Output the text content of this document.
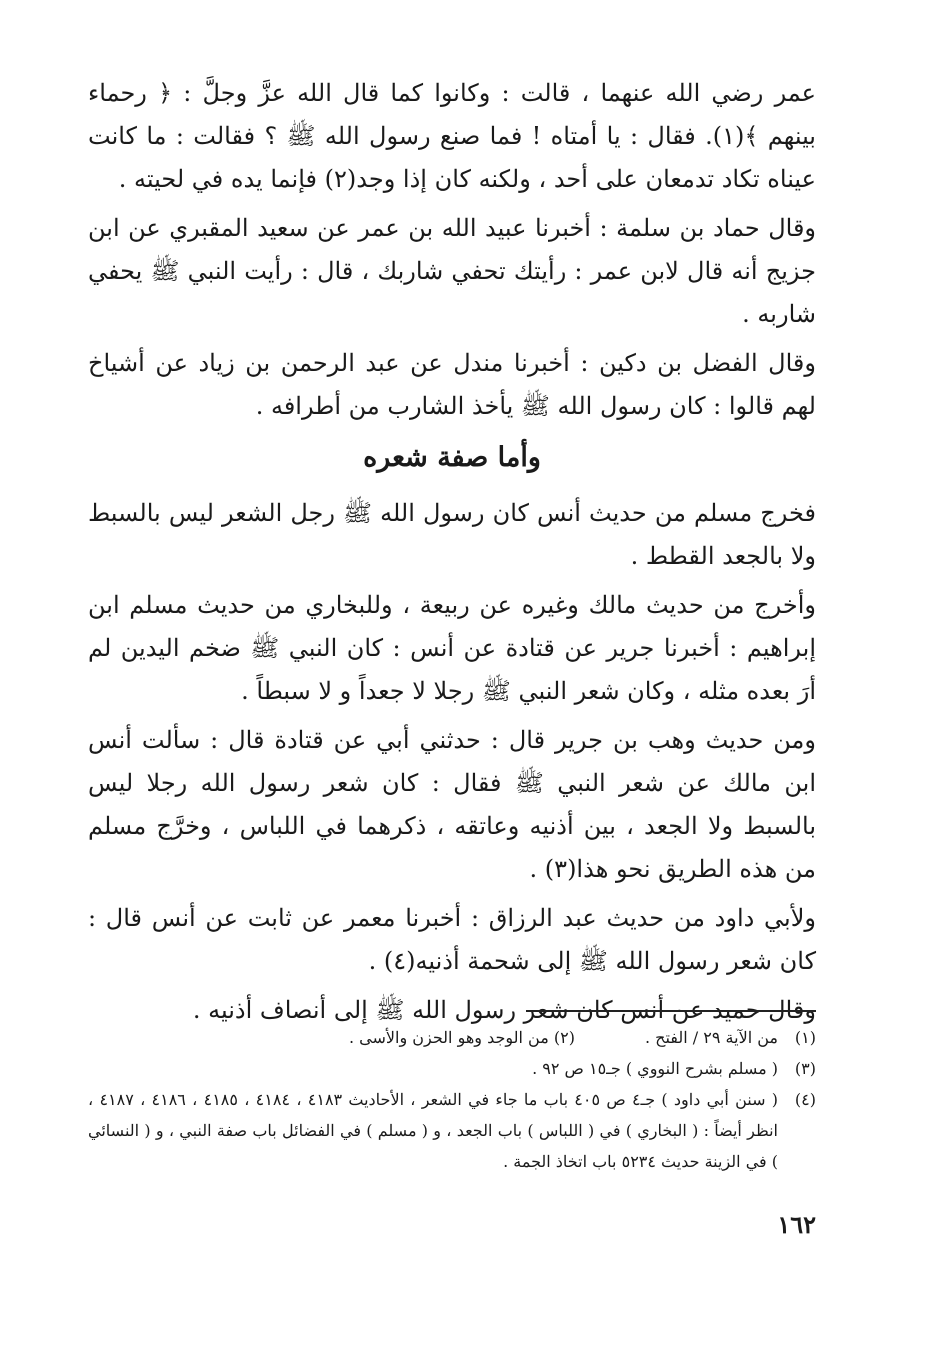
عمر رضي الله عنهما ، قالت : وكانوا كما قال الله عزَّ وجلَّ : ﴿ رحماء بينهم ﴾(١). فقال : يا أمتاه ! فما صنع رسول الله ﷺ ؟ فقالت : ما كانت عيناه تكاد تدمعان على أحد ، ولكنه كان إذا وجد(٢) فإنما يده في لحيته .

وقال حماد بن سلمة : أخبرنا عبيد الله بن عمر عن سعيد المقبري عن ابن جزيج أنه قال لابن عمر : رأيتك تحفي شاربك ، قال : رأيت النبي ﷺ يحفي شاربه .

وقال الفضل بن دكين : أخبرنا مندل عن عبد الرحمن بن زياد عن أشياخ لهم قالوا : كان رسول الله ﷺ يأخذ الشارب من أطرافه .

وأما صفة شعره

فخرج مسلم من حديث أنس كان رسول الله ﷺ رجل الشعر ليس بالسبط ولا بالجعد القطط .

وأخرج من حديث مالك وغيره عن ربيعة ، وللبخاري من حديث مسلم ابن إبراهيم : أخبرنا جرير عن قتادة عن أنس : كان النبي ﷺ ضخم اليدين لم أرَ بعده مثله ، وكان شعر النبي ﷺ رجلا لا جعداً و لا سبطاً .

ومن حديث وهب بن جرير قال : حدثني أبي عن قتادة قال : سألت أنس ابن مالك عن شعر النبي ﷺ فقال : كان شعر رسول الله رجلا ليس بالسبط ولا الجعد ، بين أذنيه وعاتقه ، ذكرهما في اللباس ، وخرَّج مسلم من هذه الطريق نحو هذا(٣) .

ولأبي داود من حديث عبد الرزاق : أخبرنا معمر عن ثابت عن أنس قال : كان شعر رسول الله ﷺ إلى شحمة أذنيه(٤) .

وقال حميد عن أنس كان شعر رسول الله ﷺ إلى أنصاف أذنيه .

(١)
من الآية ٢٩ / الفتح .(٢) من الوجد وهو الحزن والأسى .
(٣)
( مسلم بشرح النووي ) جـ١٥ ص ٩٢ .
(٤)
( سنن أبي داود ) جـ٤ ص ٤٠٥ باب ما جاء في الشعر ، الأحاديث ٤١٨٣ ، ٤١٨٤ ، ٤١٨٥ ، ٤١٨٦ ، ٤١٨٧ ، انظر أيضاً : ( البخاري ) في ( اللباس ) باب الجعد ، و ( مسلم ) في الفضائل باب صفة النبي ، و ( النسائي ) في الزينة حديث ٥٢٣٤ باب اتخاذ الجمة .
١٦٢
